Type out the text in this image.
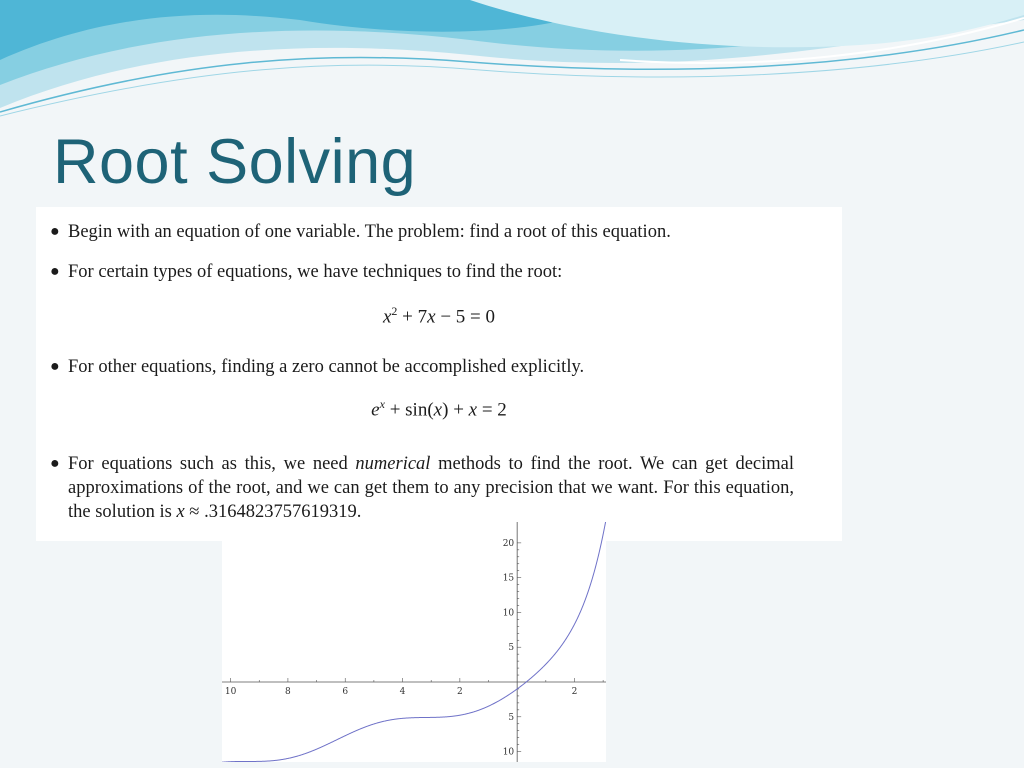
Root Solving
● Begin with an equation of one variable. The problem: find a root of this equation.
● For certain types of equations, we have techniques to find the root:
$x^2 + 7x - 5 = 0$
● For other equations, finding a zero cannot be accomplished explicitly.
$e^x + \sin(x) + x = 2$
● For equations such as this, we need numerical methods to find the root. We can get decimal approximations of the root, and we can get them to any precision that we want. For this equation, the solution is x ≈ .3164823757619319.
10	8	6	4	2	2
20
15
10
5
5
10
